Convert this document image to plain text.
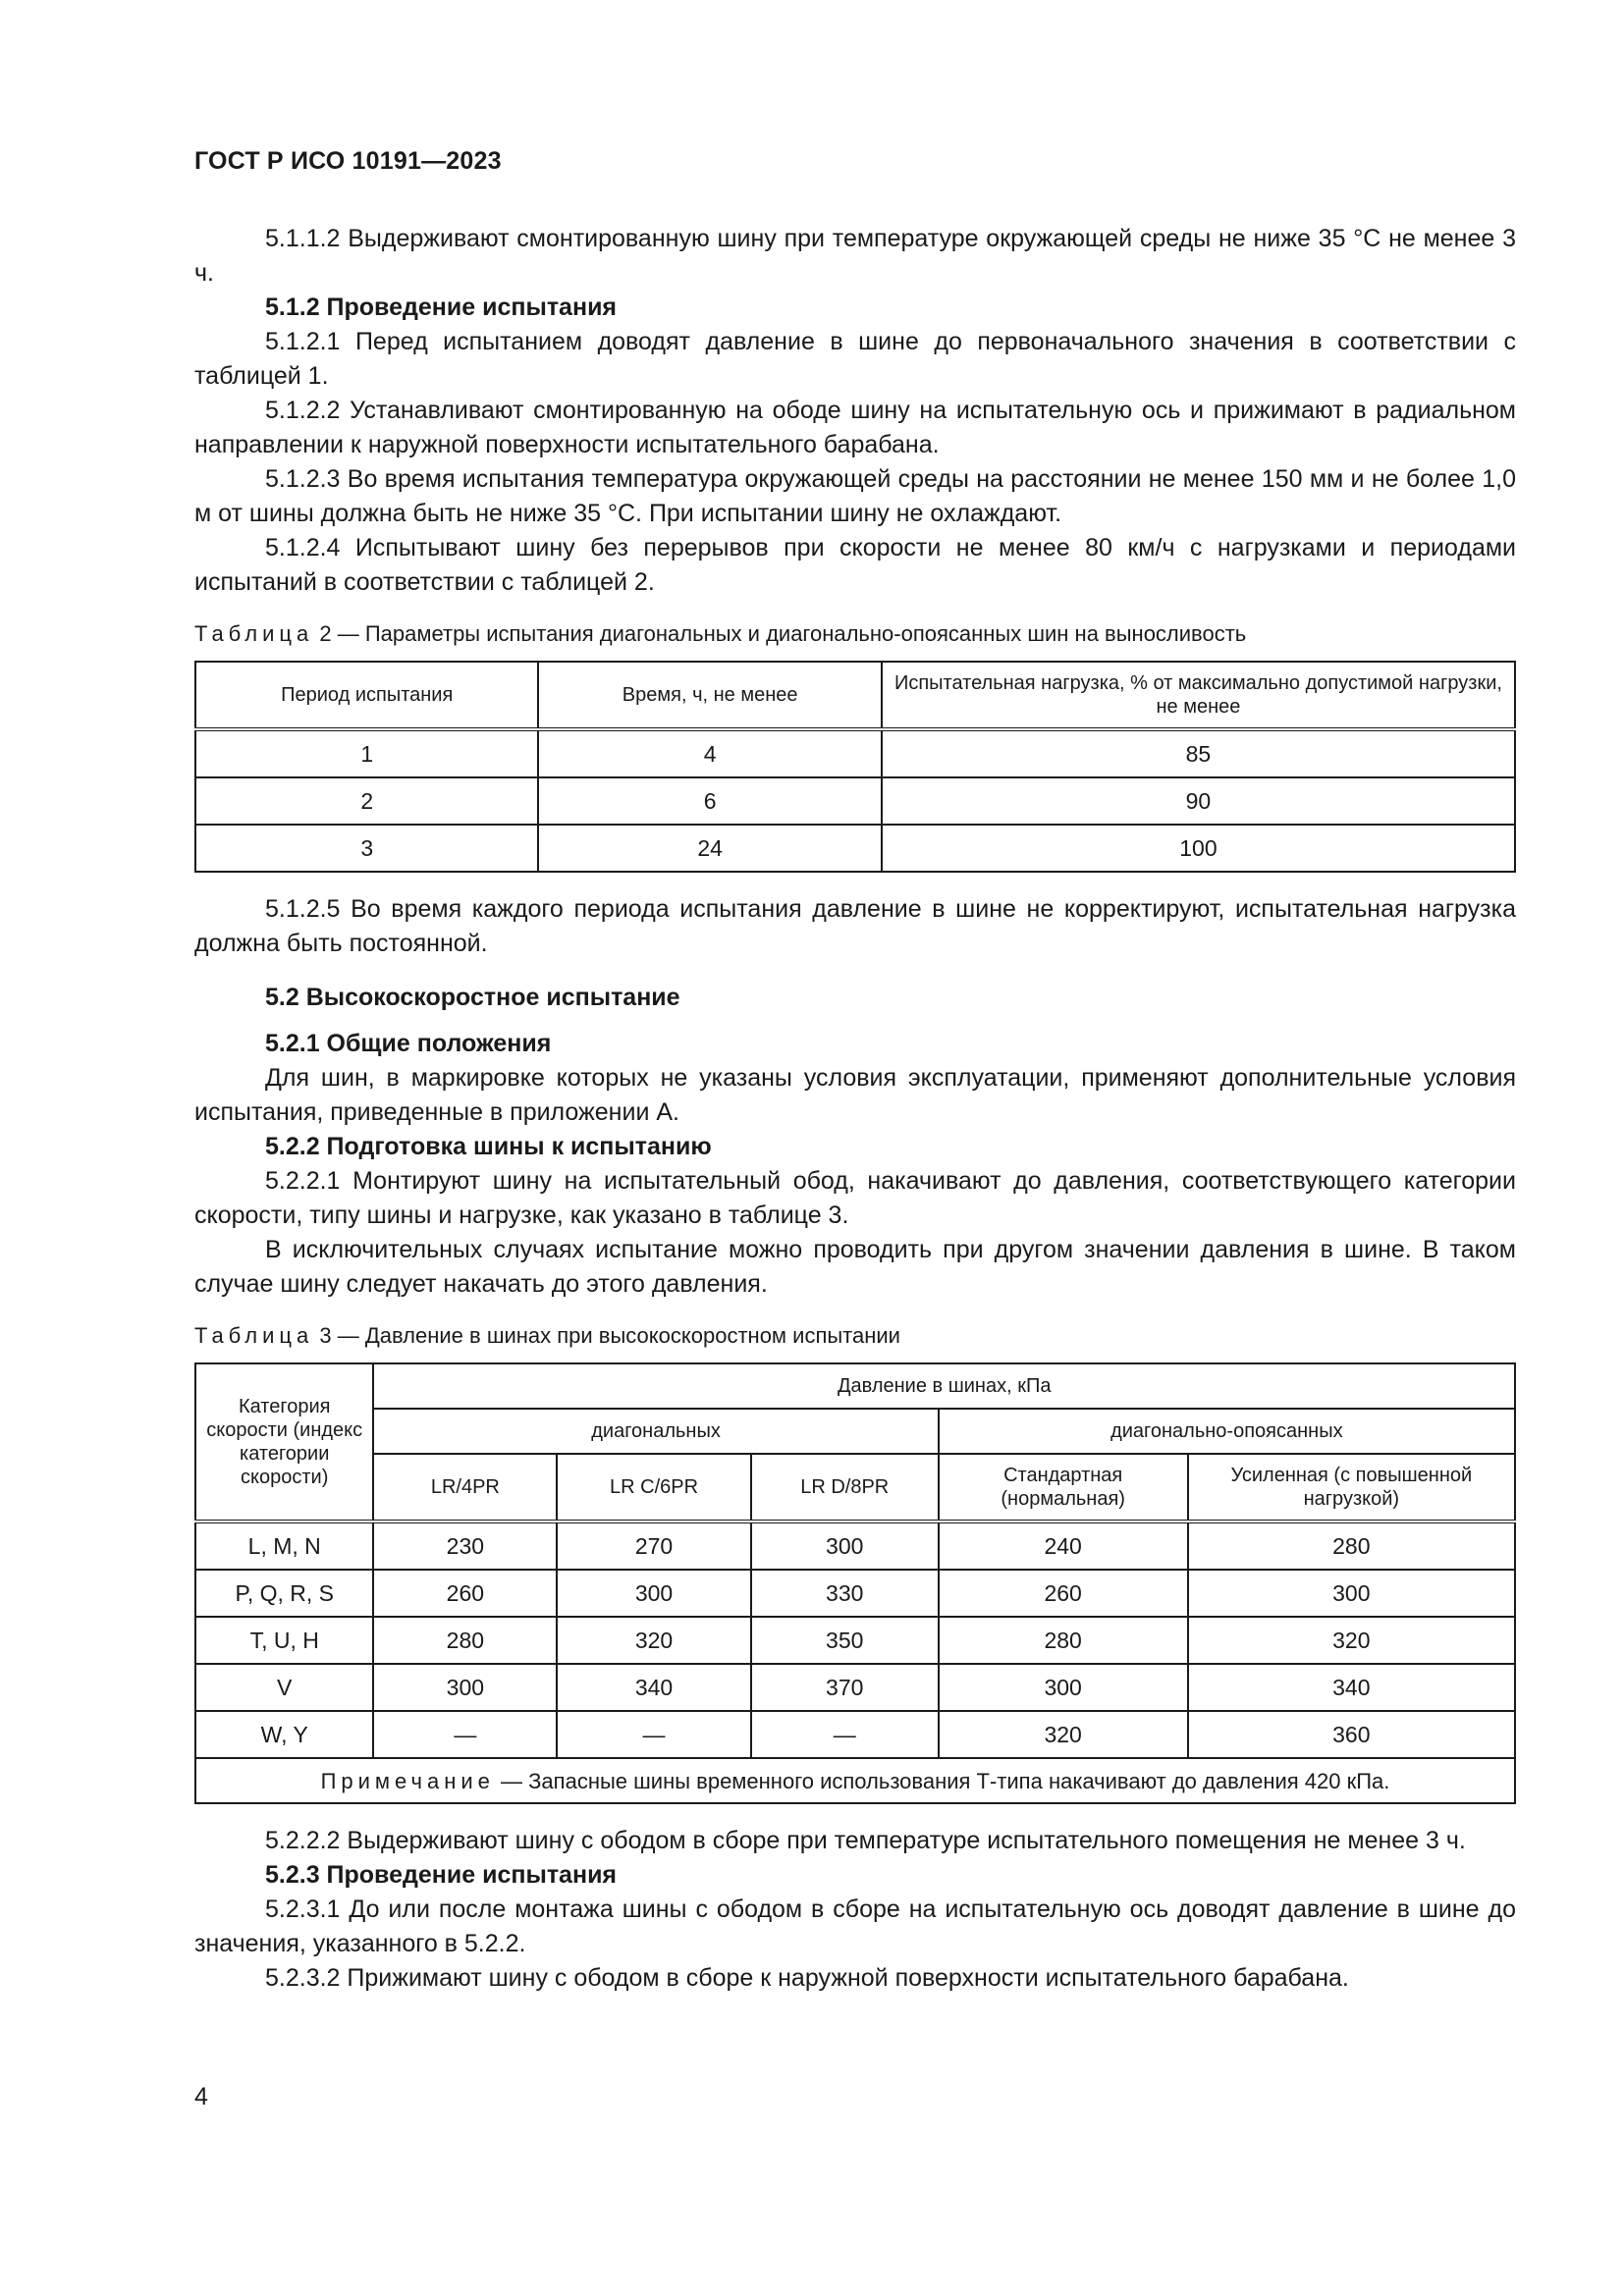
ГОСТ Р ИСО 10191—2023

5.1.1.2 Выдерживают смонтированную шину при температуре окружающей среды не ниже 35 °С не менее 3 ч.

5.1.2 Проведение испытания

5.1.2.1 Перед испытанием доводят давление в шине до первоначального значения в соответствии с таблицей 1.

5.1.2.2 Устанавливают смонтированную на ободе шину на испытательную ось и прижимают в радиальном направлении к наружной поверхности испытательного барабана.

5.1.2.3 Во время испытания температура окружающей среды на расстоянии не менее 150 мм и не более 1,0 м от шины должна быть не ниже 35 °С. При испытании шину не охлаждают.

5.1.2.4 Испытывают шину без перерывов при скорости не менее 80 км/ч с нагрузками и периодами испытаний в соответствии с таблицей 2.

Таблица 2 — Параметры испытания диагональных и диагонально-опоясанных шин на выносливость

Период испытания	Время, ч, не менее	Испытательная нагрузка, % от максимально допустимой нагрузки, не менее
1	4	85
2	6	90
3	24	100

5.1.2.5 Во время каждого периода испытания давление в шине не корректируют, испытательная нагрузка должна быть постоянной.

5.2 Высокоскоростное испытание

5.2.1 Общие положения

Для шин, в маркировке которых не указаны условия эксплуатации, применяют дополнительные условия испытания, приведенные в приложении А.

5.2.2 Подготовка шины к испытанию

5.2.2.1 Монтируют шину на испытательный обод, накачивают до давления, соответствующего категории скорости, типу шины и нагрузке, как указано в таблице 3.

В исключительных случаях испытание можно проводить при другом значении давления в шине. В таком случае шину следует накачать до этого давления.

Таблица 3 — Давление в шинах при высокоскоростном испытании

Категория скорости (индекс категории скорости)	Давление в шинах, кПа				
	диагональных			диагонально-опоясанных	
	LR/4PR	LR C/6PR	LR D/8PR	Стандартная (нормальная)	Усиленная (с повышенной нагрузкой)
L, M, N	230	270	300	240	280
P, Q, R, S	260	300	330	260	300
T, U, H	280	320	350	280	320
V	300	340	370	300	340
W, Y	—	—	—	320	360
Примечание — Запасные шины временного использования Т-типа накачивают до давления 420 кПа.					

5.2.2.2 Выдерживают шину с ободом в сборе при температуре испытательного помещения не менее 3 ч.

5.2.3 Проведение испытания

5.2.3.1 До или после монтажа шины с ободом в сборе на испытательную ось доводят давление в шине до значения, указанного в 5.2.2.

5.2.3.2 Прижимают шину с ободом в сборе к наружной поверхности испытательного барабана.

4
